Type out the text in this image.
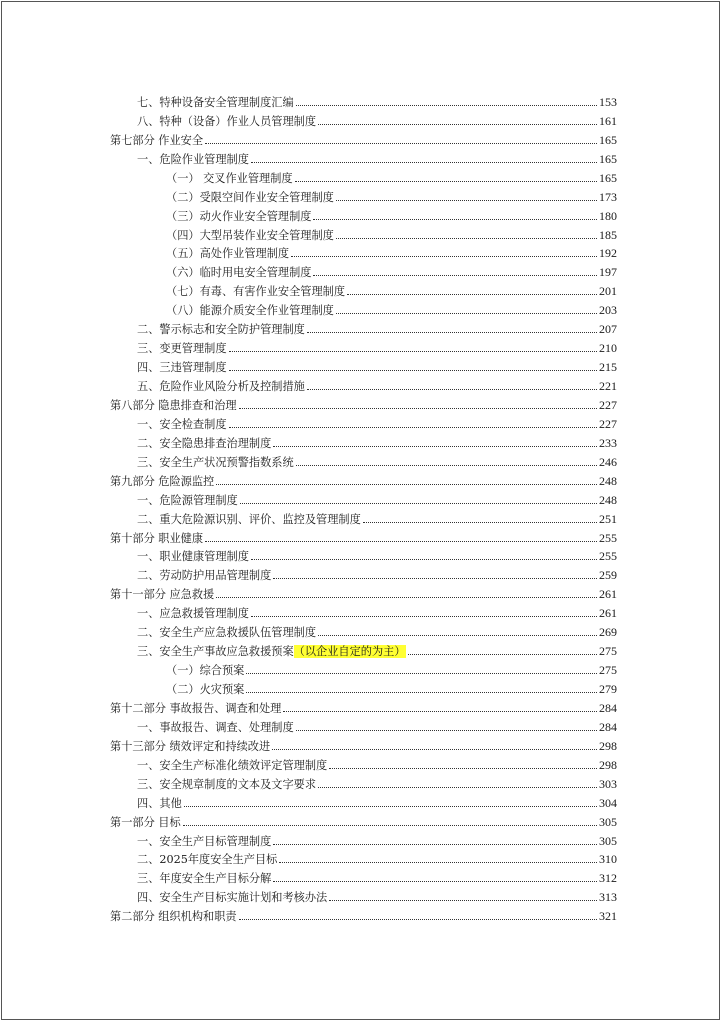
七、特种设备安全管理制度汇编	153
八、特种（设备）作业人员管理制度	161
第七部分 作业安全	165
一、危险作业管理制度	165
（一） 交叉作业管理制度	165
（二）受限空间作业安全管理制度	173
（三）动火作业安全管理制度	180
（四）大型吊装作业安全管理制度	185
（五）高处作业管理制度	192
（六）临时用电安全管理制度	197
（七）有毒、有害作业安全管理制度	201
（八）能源介质安全作业管理制度	203
二、警示标志和安全防护管理制度	207
三、变更管理制度	210
四、三违管理制度	215
五、危险作业风险分析及控制措施	221
第八部分 隐患排查和治理	227
一、安全检查制度	227
二、安全隐患排查治理制度	233
三、安全生产状况预警指数系统	246
第九部分 危险源监控	248
一、危险源管理制度	248
二、重大危险源识别、评价、监控及管理制度	251
第十部分 职业健康	255
一、职业健康管理制度	255
二、劳动防护用品管理制度	259
第十一部分 应急救援	261
一、应急救援管理制度	261
二、安全生产应急救援队伍管理制度	269
三、安全生产事故应急救援预案 （以企业自定的为主）	275
（一）综合预案	275
（二）火灾预案	279
第十二部分 事故报告、调查和处理	284
一、事故报告、调查、处理制度	284
第十三部分 绩效评定和持续改进	298
一、安全生产标准化绩效评定管理制度	298
三、安全规章制度的文本及文字要求	303
四、其他	304
第一部分 目标	305
一、安全生产目标管理制度	305
二、2025年度安全生产目标	310
三、年度安全生产目标分解	312
四、安全生产目标实施计划和考核办法	313
第二部分 组织机构和职责	321
